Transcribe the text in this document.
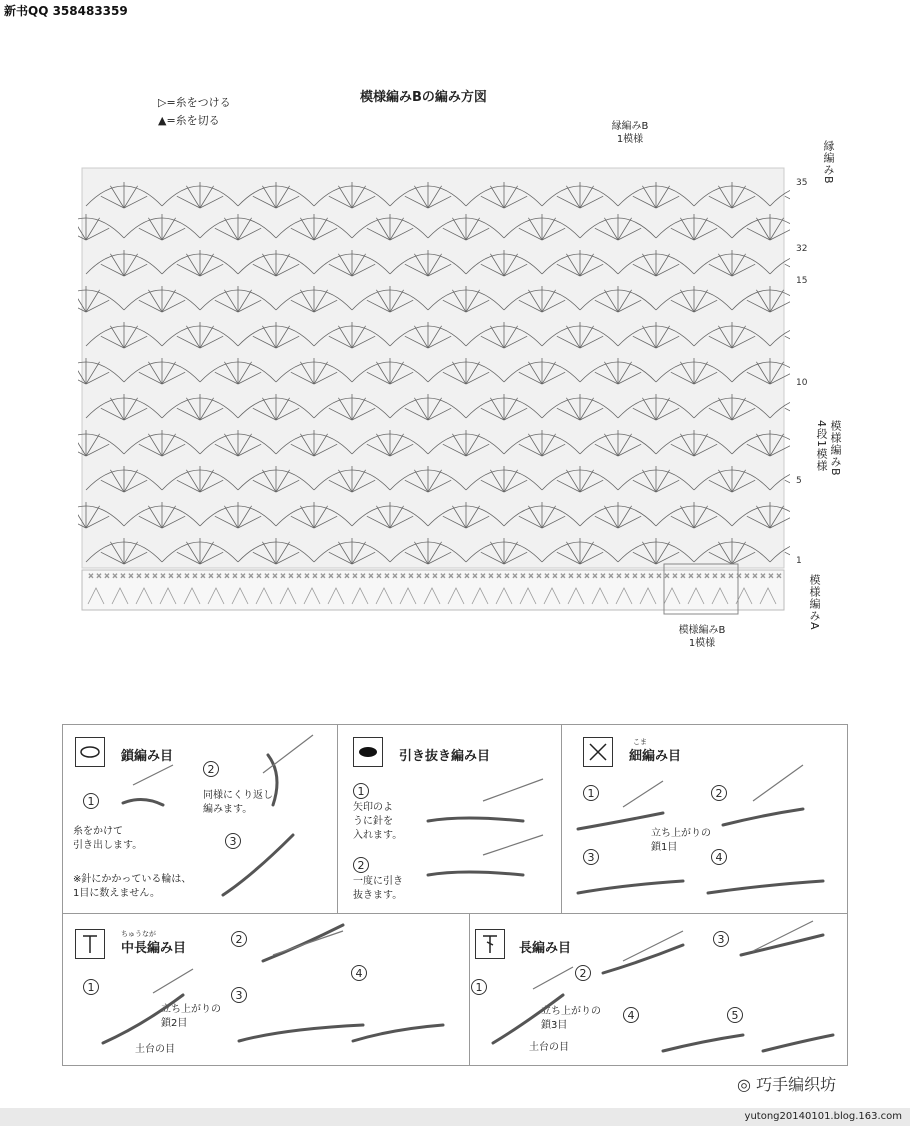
新书QQ 358483359
▷=糸をつける
▲=糸を切る
模様編みBの編み方図
縁編みB
1模様
縁編みB
4段1模様 模様編みB
模様編みA
模様編みB
1模様
35
32
15
10
5
1
× × × × × × × × × × × × × × × × × × × × × × × × × × × × × × × × × × × × × × × × × × × × × × × × × × × × × × × × × × × × × × × × × × × × × × × × × × × × × × × × × × × × × × ×
鎖編み目
糸をかけて
引き出します。
同様にくり返し
編みます。
※針にかかっている輪は、
1目に数えません。
引き抜き編み目
矢印のよ
うに針を
入れます。
一度に引き
抜きます。
こま
細編み目
立ち上がりの
鎖1目
ちゅうなが
中長編み目
立ち上がりの
鎖2目
土台の目
長編み目
立ち上がりの
鎖3目
土台の目
1
2
3
1
2
1	2
3	4
1
2
3
4
1
2
3
4	5
◎ 巧手编织坊
yutong20140101.blog.163.com
